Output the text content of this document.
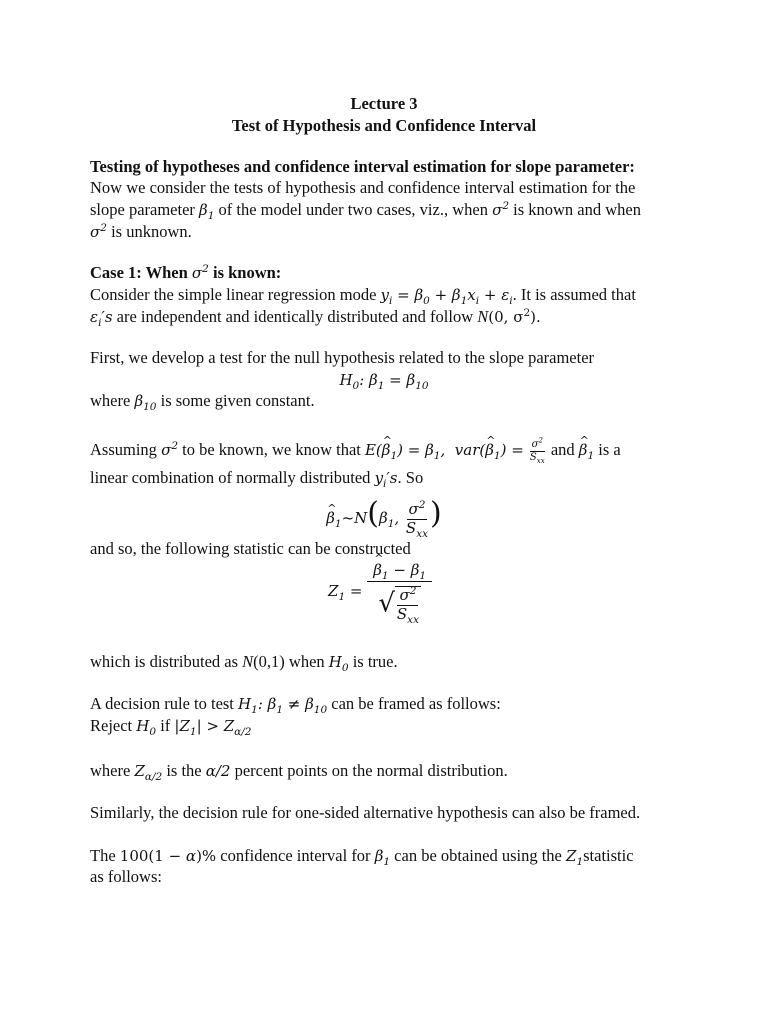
Lecture 3
Test of Hypothesis and Confidence Interval
Testing of hypotheses and confidence interval estimation for slope parameter:
Now we consider the tests of hypothesis and confidence interval estimation for the
slope parameter $\beta_1$ of the model under two cases, viz., when $\sigma^2$ is known and when
$\sigma^2$ is unknown.
Case 1: When $\sigma^2$ is known:
Consider the simple linear regression mode $y_i = \beta_0 + \beta_1x_i + \varepsilon_i$. It is assumed that
$\varepsilon_i's$ are independent and identically distributed and follow N(0, $\sigma^2$).
First, we develop a test for the null hypothesis related to the slope parameter
$H_0$: $\beta_1 = \beta_{10}$
where $\beta_{10}$ is some given constant.
Assuming $\sigma^2$ to be known, we know that E(^ $\beta_1) = \beta_1$,  var(^ $\beta_1) = \frac{\sigma^2}{S_{xx}}$ and ^ $\beta_1$ is a
linear combination of normally distributed $y_i's$. So
^ $\beta_1\sim N(\beta_1$, $\frac{\sigma^2}{S_{xx}}$ )
and so, the following statistic can be constructed
$Z_1$ = ^ $\frac{\beta_1 - \beta_1}{√ \frac{\sigma^2}{S_{xx}}}$
which is distributed as N(0,1) when $H_0$ is true.
A decision rule to test $H_1$: $\beta_1 \ne \beta_{10}$ can be framed as follows:
Reject $H_0$ if $|Z_1| > Z_{\alpha/2}$
where $Z_{\alpha/2}$ is the α/2 percent points on the normal distribution.
Similarly, the decision rule for one-sided alternative hypothesis can also be framed.
The 100(1 − α)% confidence interval for $\beta_1$ can be obtained using the $Z_1statistic$
as follows:
